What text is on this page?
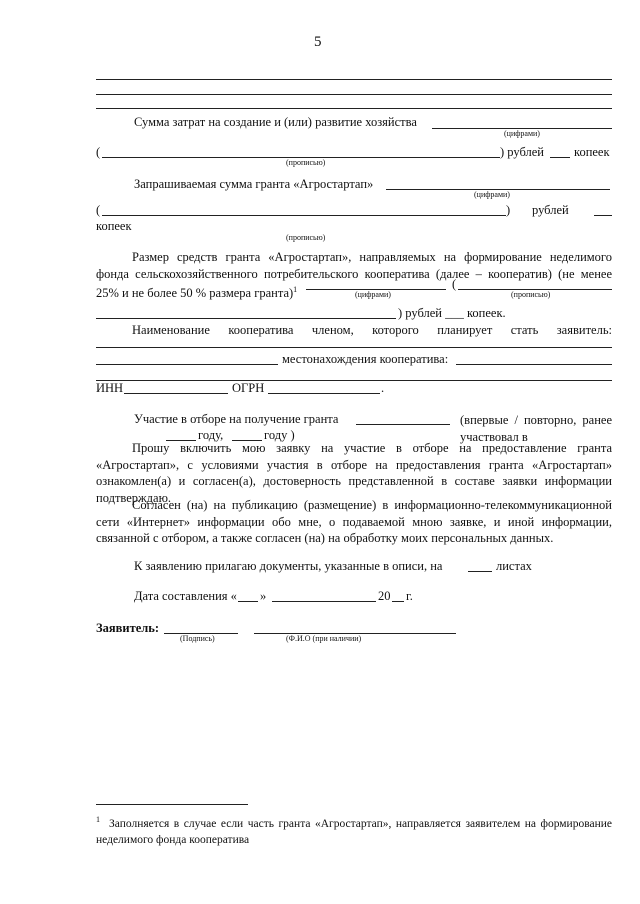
5
Сумма затрат на создание и (или) развитие хозяйства
(цифрами)
(
(прописью)
) рублей копеек
Запрашиваемая сумма гранта «Агростартап»
(цифрами)
(	) рублей
копеек
(прописью)
Размер средств гранта «Агростартап», направляемых на формирование неделимого фонда сельскохозяйственного потребительского кооператива (далее – кооператив) (не менее 25% и не более 50 % размера гранта)$^1$	(
(цифрами)	(прописью)
) рублей ___ копеек.
Наименование кооператива членом, которого планирует стать заявитель:
местонахождения кооператива:
ИНН	ОГРН	.
Участие в отборе на получение гранта	(впервые / повторно, ранее участвовал в
году,	году )
Прошу включить мою заявку на участие в отборе на предоставление гранта «Агростартап», с условиями участия в отборе на предоставления гранта «Агростартап» ознакомлен(а) и согласен(а), достоверность представленной в составе заявки информации подтверждаю.
Согласен (на) на публикацию (размещение) в информационно-телекоммуникационной сети «Интернет» информации обо мне, о подаваемой мною заявке, и иной информации, связанной с отбором, а также согласен (на) на обработку моих персональных данных.
К заявлению прилагаю документы, указанные в описи, на	листах
Дата составления « »	20 г.
Заявитель:
(Подпись)	(Ф.И.О (при наличии)
$^1$ Заполняется в случае если часть гранта «Агростартап», направляется заявителем на формирование неделимого фонда кооператива
